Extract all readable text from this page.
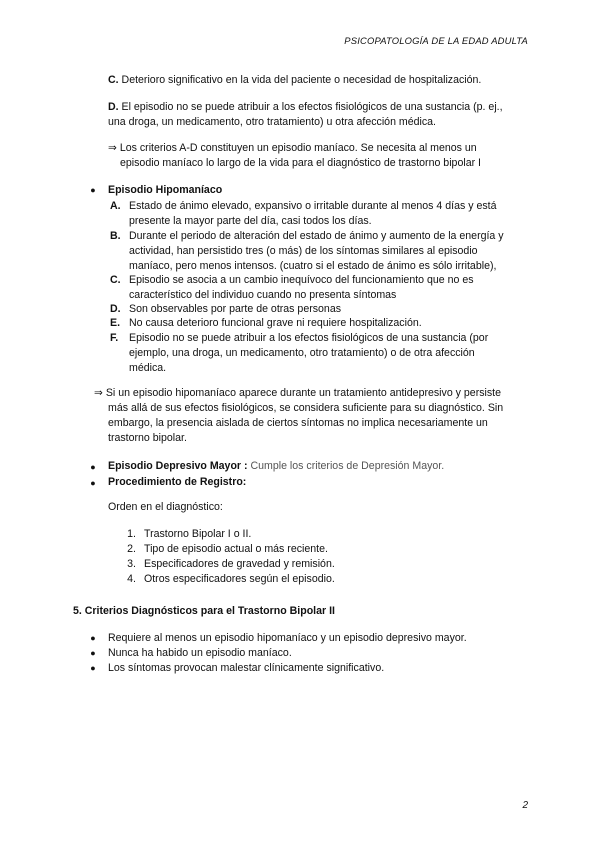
PSICOPATOLOGÍA DE LA EDAD ADULTA
C. Deterioro significativo en la vida del paciente o necesidad de hospitalización.
D. El episodio no se puede atribuir a los efectos fisiológicos de una sustancia (p. ej.,
una droga, un medicamento, otro tratamiento) u otra afección médica.
⇒ Los criterios A-D constituyen un episodio maníaco. Se necesita al menos un
episodio maníaco lo largo de la vida para el diagnóstico de trastorno bipolar I
● Episodio Hipomaníaco
A. Estado de ánimo elevado, expansivo o irritable durante al menos 4 días y está
presente la mayor parte del día, casi todos los días.
B. Durante el periodo de alteración del estado de ánimo y aumento de la energía y
actividad, han persistido tres (o más) de los síntomas similares al episodio
maníaco, pero menos intensos. (cuatro si el estado de ánimo es sólo irritable),
C. Episodio se asocia a un cambio inequívoco del funcionamiento que no es
característico del individuo cuando no presenta síntomas
D. Son observables por parte de otras personas
E. No causa deterioro funcional grave ni requiere hospitalización.
F.	Episodio no se puede atribuir a los efectos fisiológicos de una sustancia (por
ejemplo, una droga, un medicamento, otro tratamiento) o de otra afección
médica.
⇒ Si un episodio hipomaníaco aparece durante un tratamiento antidepresivo y persiste
más allá de sus efectos fisiológicos, se considera suficiente para su diagnóstico. Sin
embargo, la presencia aislada de ciertos síntomas no implica necesariamente un
trastorno bipolar.
● Episodio Depresivo Mayor : Cumple los criterios de Depresión Mayor.
● Procedimiento de Registro:
Orden en el diagnóstico:
1. Trastorno Bipolar I o II.
2. Tipo de episodio actual o más reciente.
3. Especificadores de gravedad y remisión.
4. Otros especificadores según el episodio.
5. Criterios Diagnósticos para el Trastorno Bipolar II
● Requiere al menos un episodio hipomaníaco y un episodio depresivo mayor.
● Nunca ha habido un episodio maníaco.
● Los síntomas provocan malestar clínicamente significativo.
2
